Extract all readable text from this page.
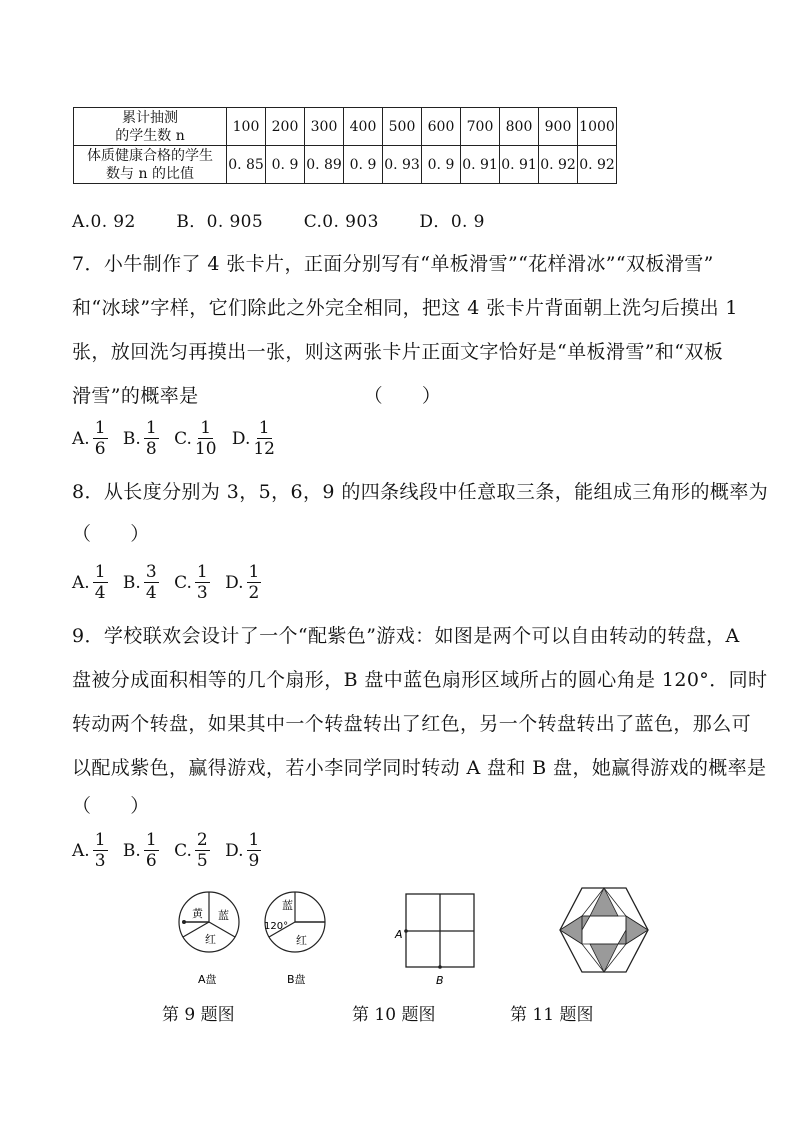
累计抽测
的学生数 n	100	200	300	400	500	600	700	800	900	1000

体质健康合格的学生
数与 n 的比值	0. 85	0. 9	0. 89	0. 9	0. 93	0. 9	0. 91	0. 91	0. 92	0. 92
A.0. 92　　 B．0. 905　　 C.0. 903　　 D．0. 9
7．小牛制作了 4 张卡片，正面分别写有“单板滑雪”“花样滑冰”“双板滑雪”
和“冰球”字样，它们除此之外完全相同，把这 4 张卡片背面朝上洗匀后摸出 1
张，放回洗匀再摸出一张，则这两张卡片正面文字恰好是“单板滑雪”和“双板
滑雪”的概率是　　　　　　　　　（　　）
A. $\frac{1}{6}$
B. $\frac{1}{8}$
C. $\frac{1}{10}$
D. $\frac{1}{12}$
8．从长度分别为 3，5，6，9 的四条线段中任意取三条，能组成三角形的概率为
（　　）
A. $\frac{1}{4}$
B. $\frac{3}{4}$
C. $\frac{1}{3}$
D. $\frac{1}{2}$
9．学校联欢会设计了一个“配紫色”游戏：如图是两个可以自由转动的转盘，A
盘被分成面积相等的几个扇形，B 盘中蓝色扇形区域所占的圆心角是 120°．同时
转动两个转盘，如果其中一个转盘转出了红色，另一个转盘转出了蓝色，那么可
以配成紫色，赢得游戏，若小李同学同时转动 A 盘和 B 盘，她赢得游戏的概率是
（　　）
A. $\frac{1}{3}$
B. $\frac{1}{6}$
C. $\frac{2}{5}$
D. $\frac{1}{9}$
黄 蓝
红
A盘
蓝
120°
红
B盘
A
B
第 9 题图	第 10 题图	第 11 题图
